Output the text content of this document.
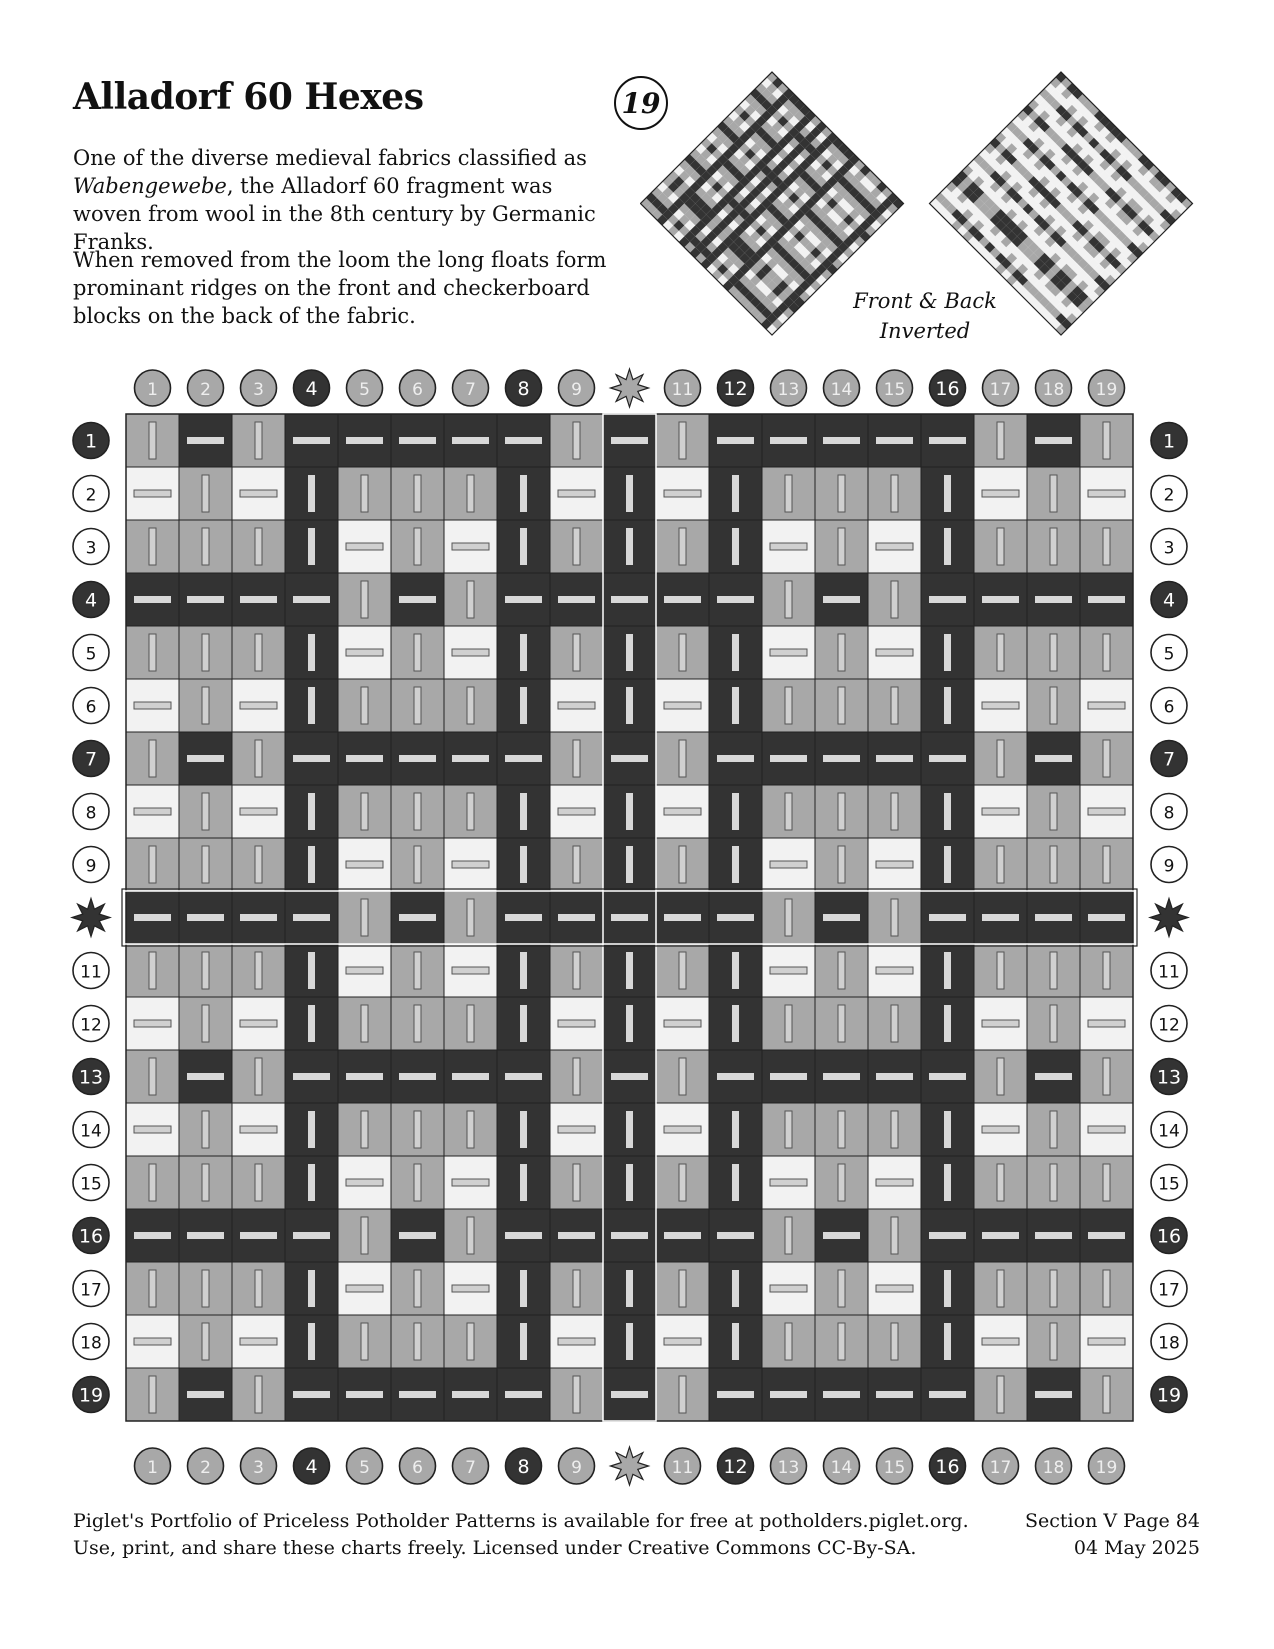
Alladorf 60 Hexes

One of the diverse medieval fabrics classified as Wabengewebe, the Alladorf 60 fragment was woven from wool in the 8th century by Germanic Franks.

When removed from the loom the long floats form prominant ridges on the front and checkerboard blocks on the back of the fabric.

19
Front & Back
Inverted
1 2 3 4 5 6 7 8 9	11 12 13 14 15 16 17 18 19
1 2 3 4 5 6 7 8 9	11 12 13 14 15 16 17 18 19
1
2
3
4
5
6
7
8
9
11
12
13
14
15
16
17
18
19
1
2
3
4
5
6
7
8
9
11
12
13
14
15
16
17
18
19
Piglet's Portfolio of Priceless Potholder Patterns is available for free at potholders.piglet.org.
Use, print, and share these charts freely. Licensed under Creative Commons CC-By-SA.
Section V Page 84
04 May 2025
